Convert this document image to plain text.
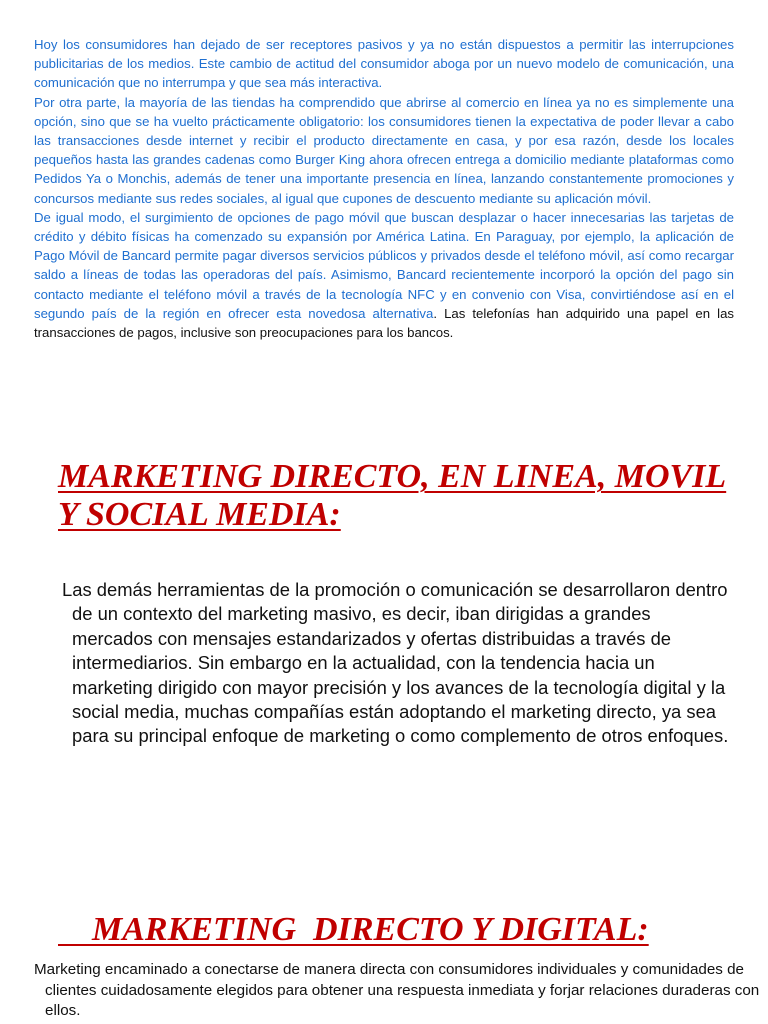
Hoy los consumidores han dejado de ser receptores pasivos y ya no están dispuestos a permitir las interrupciones publicitarias de los medios. Este cambio de actitud del consumidor aboga por un nuevo modelo de comunicación, una comunicación que no interrumpa y que sea más interactiva.

Por otra parte, la mayoría de las tiendas ha comprendido que abrirse al comercio en línea ya no es simplemente una opción, sino que se ha vuelto prácticamente obligatorio: los consumidores tienen la expectativa de poder llevar a cabo las transacciones desde internet y recibir el producto directamente en casa, y por esa razón, desde los locales pequeños hasta las grandes cadenas como Burger King ahora ofrecen entrega a domicilio mediante plataformas como Pedidos Ya o Monchis, además de tener una importante presencia en línea, lanzando constantemente promociones y concursos mediante sus redes sociales, al igual que cupones de descuento mediante su aplicación móvil.

De igual modo, el surgimiento de opciones de pago móvil que buscan desplazar o hacer innecesarias las tarjetas de crédito y débito físicas ha comenzado su expansión por América Latina. En Paraguay, por ejemplo, la aplicación de Pago Móvil de Bancard permite pagar diversos servicios públicos y privados desde el teléfono móvil, así como recargar saldo a líneas de todas las operadoras del país. Asimismo, Bancard recientemente incorporó la opción del pago sin contacto mediante el teléfono móvil a través de la tecnología NFC y en convenio con Visa, convirtiéndose así en el segundo país de la región en ofrecer esta novedosa alternativa. Las telefonías han adquirido una papel en las transacciones de pagos, inclusive son preocupaciones para los bancos.

MARKETING DIRECTO, EN LINEA, MOVIL Y SOCIAL MEDIA:

Las demás herramientas de la promoción o comunicación se desarrollaron dentro de un contexto del marketing masivo, es decir, iban dirigidas a grandes mercados con mensajes estandarizados y ofertas distribuidas a través de intermediarios. Sin embargo en la actualidad, con la tendencia hacia un marketing dirigido con mayor precisión y los avances de la tecnología digital y la social media, muchas compañías están adoptando el marketing directo, ya sea para su principal enfoque de marketing o como complemento de otros enfoques.

MARKETING  DIRECTO Y DIGITAL:

Marketing encaminado a conectarse de manera directa con consumidores individuales y comunidades de clientes cuidadosamente elegidos para obtener una respuesta inmediata y forjar relaciones duraderas con ellos.
